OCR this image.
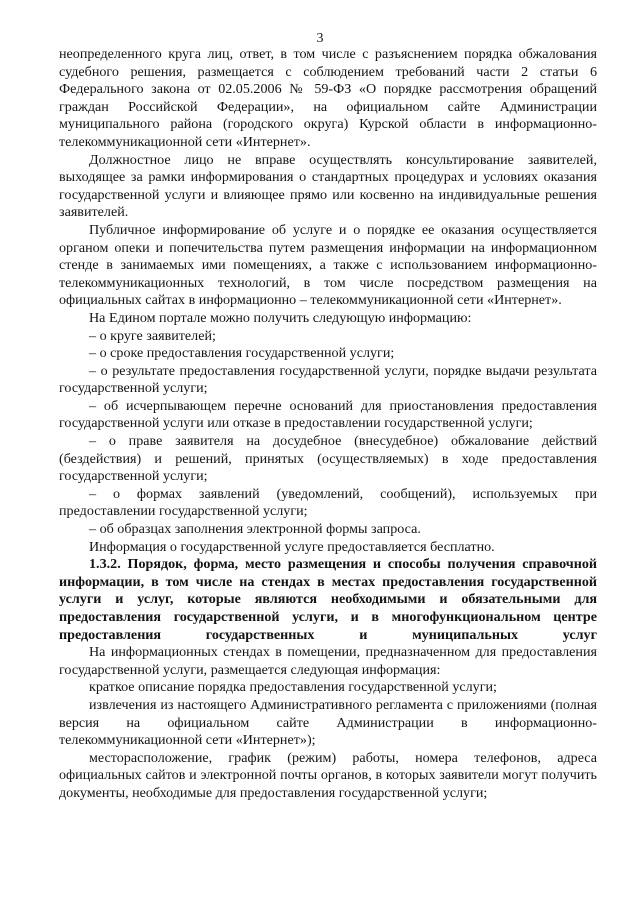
3

неопределенного круга лиц, ответ, в том числе с разъяснением порядка обжалования судебного решения, размещается с соблюдением требований части 2 статьи 6 Федерального закона от 02.05.2006 № 59-ФЗ «О порядке рассмотрения обращений граждан Российской Федерации», на официальном сайте Администрации муниципального района (городского округа) Курской области в информационно-телекоммуникационной сети «Интернет».

Должностное лицо не вправе осуществлять консультирование заявителей, выходящее за рамки информирования о стандартных процедурах и условиях оказания государственной услуги и влияющее прямо или косвенно на индивидуальные решения заявителей.

Публичное информирование об услуге и о порядке ее оказания осуществляется органом опеки и попечительства путем размещения информации на информационном стенде в занимаемых ими помещениях, а также с использованием информационно-телекоммуникационных технологий, в том числе посредством размещения на официальных сайтах в информационно – телекоммуникационной сети «Интернет».

На Едином портале можно получить следующую информацию:

– о круге заявителей;

– о сроке предоставления государственной услуги;

– о результате предоставления государственной услуги, порядке выдачи результата государственной услуги;

– об исчерпывающем перечне оснований для приостановления предоставления государственной услуги или отказе в предоставлении государственной услуги;

– о праве заявителя на досудебное (внесудебное) обжалование действий (бездействия) и решений, принятых (осуществляемых) в ходе предоставления государственной услуги;

– о формах заявлений (уведомлений, сообщений), используемых при предоставлении государственной услуги;

– об образцах заполнения электронной формы запроса.

Информация о государственной услуге предоставляется бесплатно.

1.3.2. Порядок, форма, место размещения и способы получения справочной информации, в том числе на стендах в местах предоставления государственной услуги и услуг, которые являются необходимыми и обязательными для предоставления государственной услуги, и в многофункциональном центре предоставления государственных и муниципальных услуг

На информационных стендах в помещении, предназначенном для предоставления государственной услуги, размещается следующая информация:

краткое описание порядка предоставления государственной услуги;

извлечения из настоящего Административного регламента с приложениями (полная версия на официальном сайте Администрации в информационно-телекоммуникационной сети «Интернет»);

месторасположение, график (режим) работы, номера телефонов, адреса официальных сайтов и электронной почты органов, в которых заявители могут получить документы, необходимые для предоставления государственной услуги;
